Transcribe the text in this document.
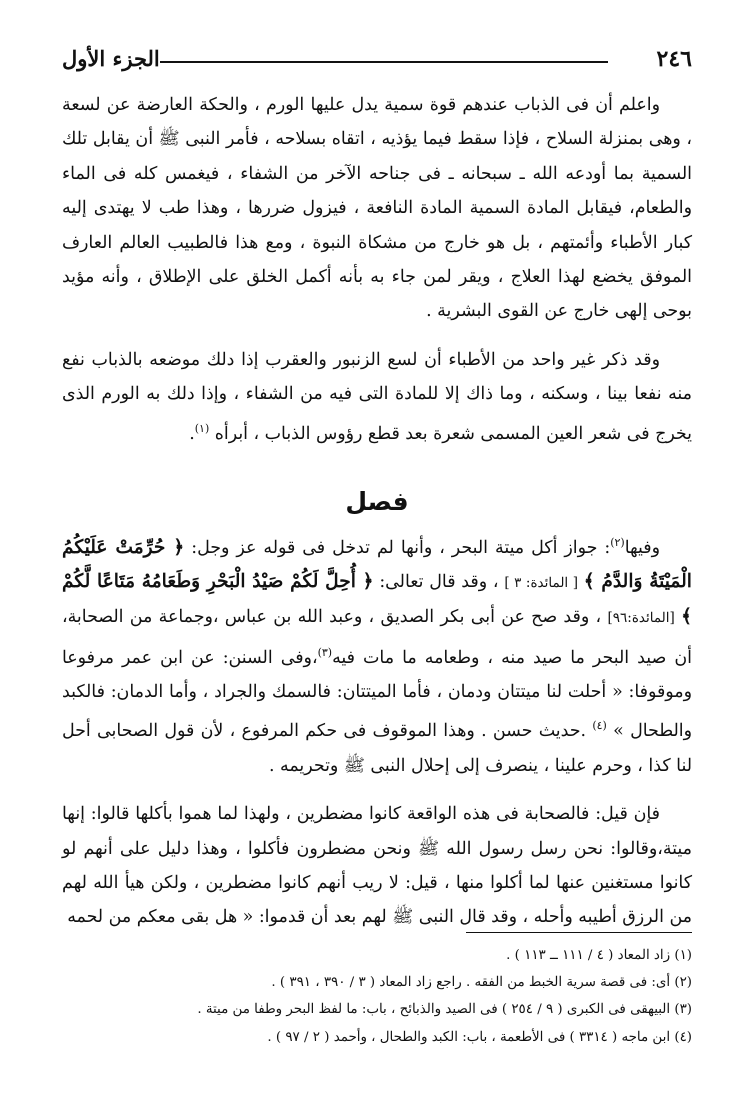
٢٤٦
الجزء الأول

واعلم أن فى الذباب عندهم قوة سمية يدل عليها الورم ، والحكة العارضة عن لسعة ، وهى بمنزلة السلاح ، فإذا سقط فيما يؤذيه ، اتقاه بسلاحه ، فأمر النبى ﷺ أن يقابل تلك السمية بما أودعه الله ـ سبحانه ـ فى جناحه الآخر من الشفاء ، فيغمس كله فى الماء والطعام، فيقابل المادة السمية المادة النافعة ، فيزول ضررها ، وهذا طب لا يهتدى إليه كبار الأطباء وأئمتهم ، بل هو خارج من مشكاة النبوة ، ومع هذا فالطبيب العالم العارف الموفق يخضع لهذا العلاج ، ويقر لمن جاء به بأنه أكمل الخلق على الإطلاق ، وأنه مؤيد بوحى إلهى خارج عن القوى البشرية .

وقد ذكر غير واحد من الأطباء أن لسع الزنبور والعقرب إذا دلك موضعه بالذباب نفع منه نفعا بينا ، وسكنه ، وما ذاك إلا للمادة التى فيه من الشفاء ، وإذا دلك به الورم الذى يخرج فى شعر العين المسمى شعرة بعد قطع رؤوس الذباب ، أبرأه $^{(١)}$.

فصل

وفيها$^{(٢)}$: جواز أكل ميتة البحر ، وأنها لم تدخل فى قوله عز وجل: ﴿ حُرِّمَتْ عَلَيْكُمُ الْمَيْتَةُ وَالدَّمُ ﴾ [ المائدة: ٣ ] ، وقد قال تعالى: ﴿ أُحِلَّ لَكُمْ صَيْدُ الْبَحْرِ وَطَعَامُهُ مَتَاعًا لَّكُمْ ﴾ [المائدة:٩٦] ، وقد صح عن أبى بكر الصديق ، وعبد الله بن عباس ،وجماعة من الصحابة، أن صيد البحر ما صيد منه ، وطعامه ما مات فيه$^{(٣)}$،وفى السنن: عن ابن عمر مرفوعا وموقوفا: « أحلت لنا ميتتان ودمان ، فأما الميتتان: فالسمك والجراد ، وأما الدمان: فالكبد والطحال » $^{(٤)}$ .حديث حسن . وهذا الموقوف فى حكم المرفوع ، لأن قول الصحابى أحل لنا كذا ، وحرم علينا ، ينصرف إلى إحلال النبى ﷺ وتحريمه .

فإن قيل: فالصحابة فى هذه الواقعة كانوا مضطرين ، ولهذا لما هموا بأكلها قالوا: إنها ميتة،وقالوا: نحن رسل رسول الله ﷺ ونحن مضطرون فأكلوا ، وهذا دليل على أنهم لو كانوا مستغنين عنها لما أكلوا منها ، قيل: لا ريب أنهم كانوا مضطرين ، ولكن هيأ الله لهم من الرزق أطيبه وأحله ، وقد قال النبى ﷺ لهم بعد أن قدموا: « هل بقى معكم من لحمه

(١) زاد المعاد ( ٤ / ١١١ ــ ١١٣ ) .

(٢) أى: فى قصة سرية الخبط من الفقه . راجع زاد المعاد ( ٣ / ٣٩٠ ، ٣٩١ ) .

(٣) البيهقى فى الكبرى ( ٩ / ٢٥٤ ) فى الصيد والذبائح ، باب: ما لفظ البحر وطفا من ميتة .

(٤) ابن ماجه ( ٣٣١٤ ) فى الأطعمة ، باب: الكبد والطحال ، وأحمد ( ٢ / ٩٧ ) .
